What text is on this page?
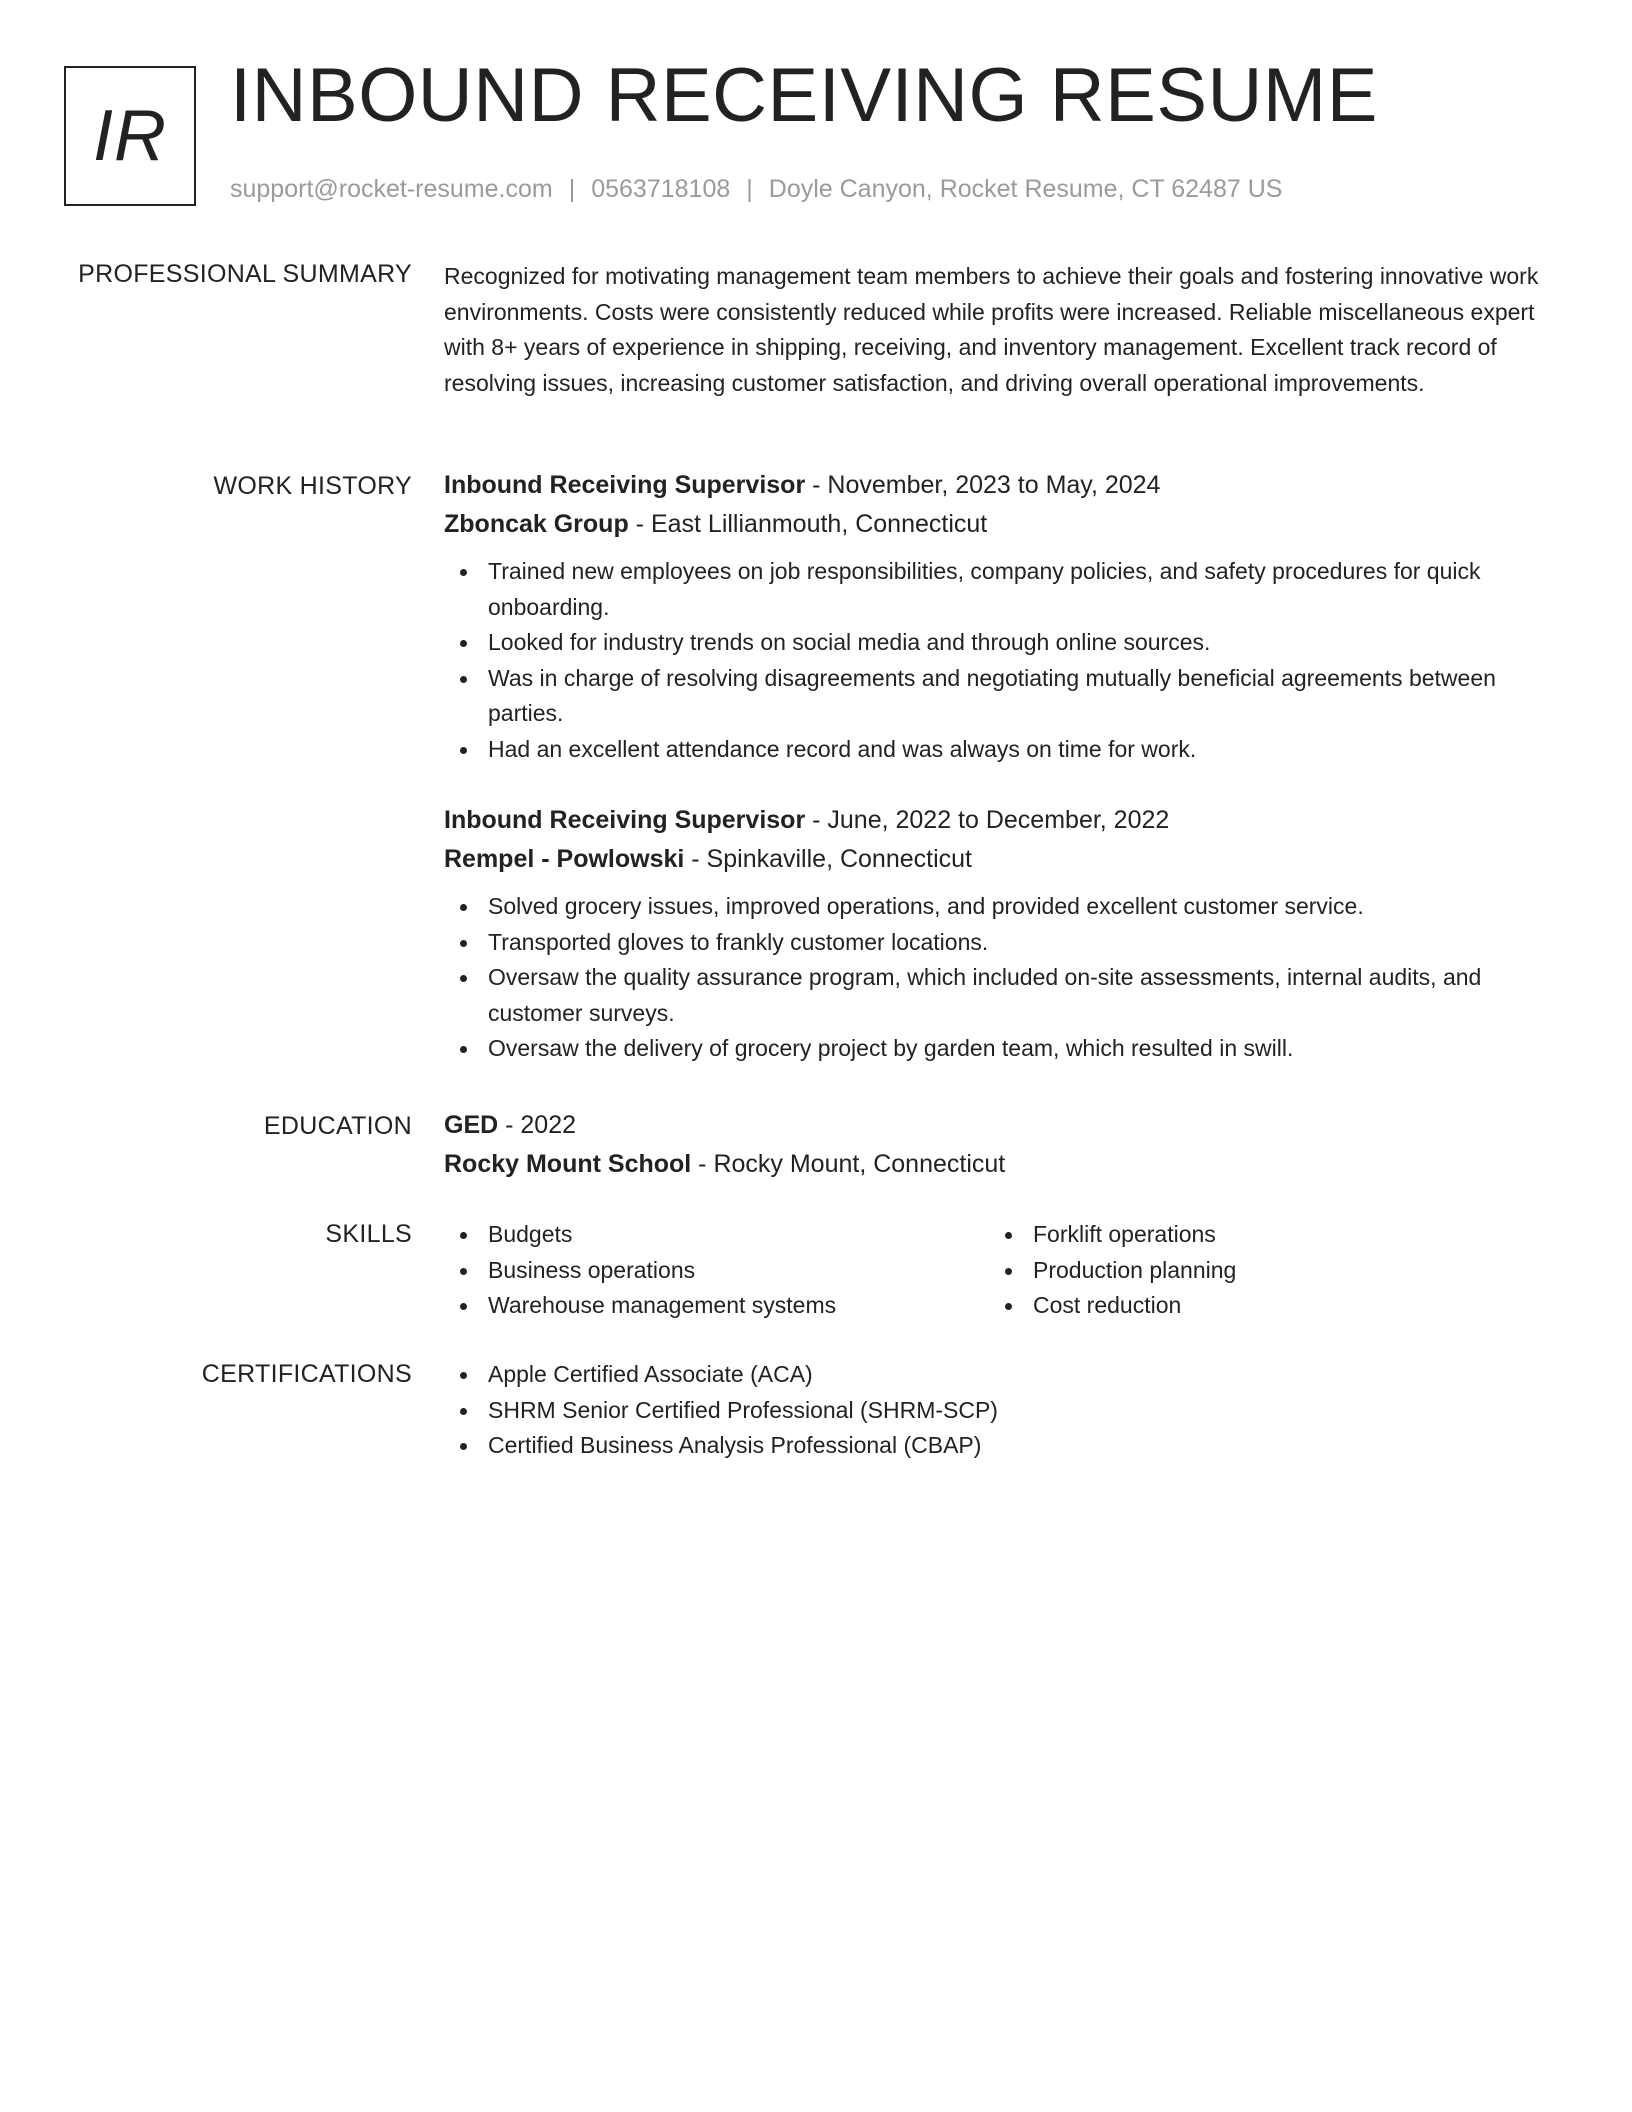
IR INBOUND RECEIVING RESUME
support@rocket-resume.com | 0563718108 | Doyle Canyon, Rocket Resume, CT 62487 US
PROFESSIONAL SUMMARY Recognized for motivating management team members to achieve their goals and fostering innovative work environments. Costs were consistently reduced while profits were increased. Reliable miscellaneous expert with 8+ years of experience in shipping, receiving, and inventory management. Excellent track record of resolving issues, increasing customer satisfaction, and driving overall operational improvements.

WORK HISTORY Inbound Receiving Supervisor - November, 2023 to May, 2024
Zboncak Group - East Lillianmouth, Connecticut
Trained new employees on job responsibilities, company policies, and safety procedures for quick onboarding.
Looked for industry trends on social media and through online sources.
Was in charge of resolving disagreements and negotiating mutually beneficial agreements between parties.
Had an excellent attendance record and was always on time for work.
Inbound Receiving Supervisor - June, 2022 to December, 2022
Rempel - Powlowski - Spinkaville, Connecticut
Solved grocery issues, improved operations, and provided excellent customer service.
Transported gloves to frankly customer locations.
Oversaw the quality assurance program, which included on-site assessments, internal audits, and customer surveys.
Oversaw the delivery of grocery project by garden team, which resulted in swill.
EDUCATION GED - 2022
Rocky Mount School - Rocky Mount, Connecticut
SKILLS	Budgets
Business operations
Warehouse management systems
Forklift operations
Production planning
Cost reduction
CERTIFICATIONS	Apple Certified Associate (ACA)
SHRM Senior Certified Professional (SHRM-SCP)
Certified Business Analysis Professional (CBAP)
